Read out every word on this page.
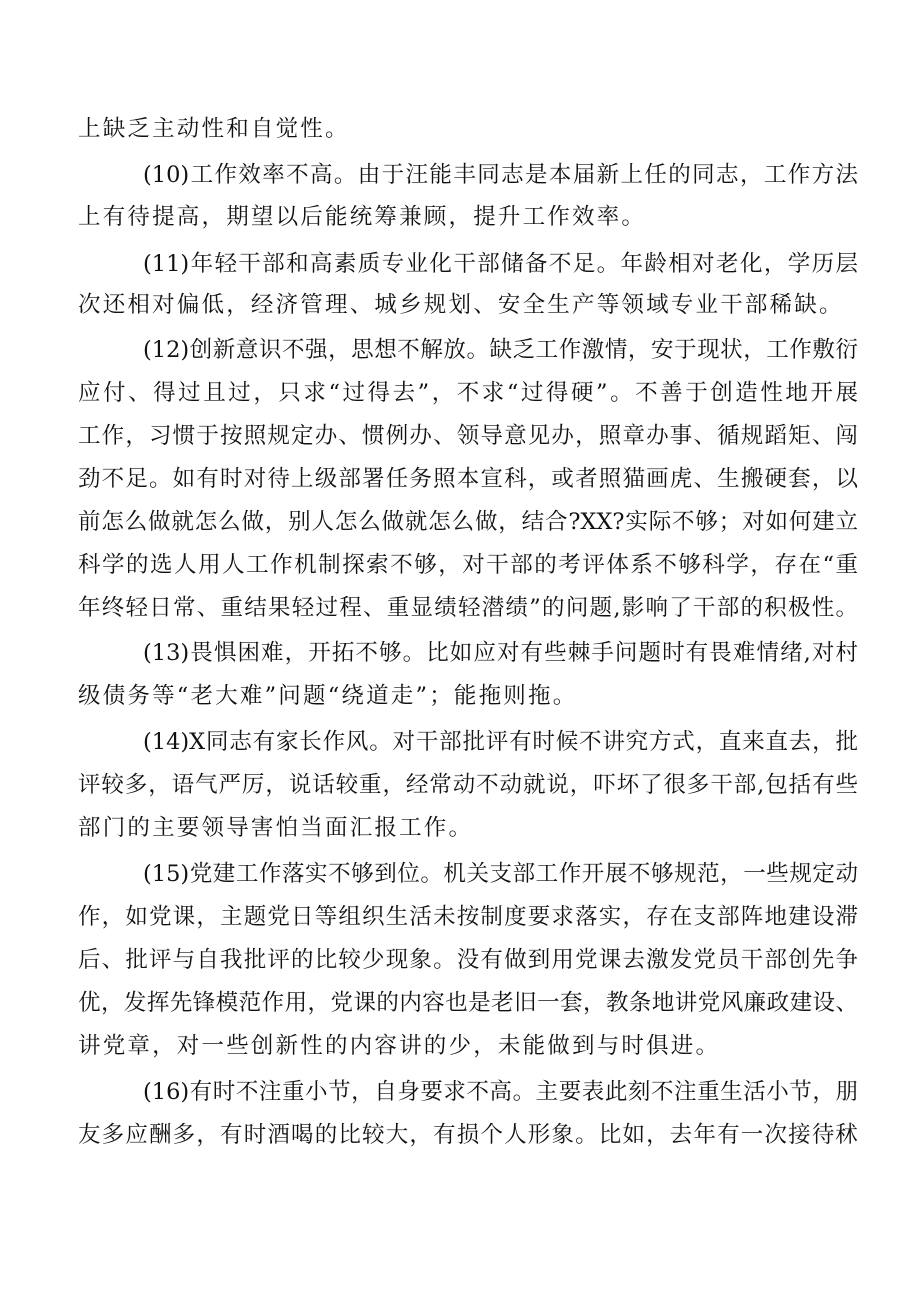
上缺乏主动性和自觉性。
(10)工作效率不高。由于汪能丰同志是本届新上任的同志，工作方法
上有待提高，期望以后能统筹兼顾，提升工作效率。
(11)年轻干部和高素质专业化干部储备不足。年龄相对老化，学历层
次还相对偏低，经济管理、城乡规划、安全生产等领域专业干部稀缺。
(12)创新意识不强，思想不解放。缺乏工作激情，安于现状，工作敷衍
应付、得过且过，只求“过得去”，不求“过得硬”。不善于创造性地开展
工作，习惯于按照规定办、惯例办、领导意见办，照章办事、循规蹈矩、闯
劲不足。如有时对待上级部署任务照本宣科，或者照猫画虎、生搬硬套，以
前怎么做就怎么做，别人怎么做就怎么做，结合?XX?实际不够；对如何建立
科学的选人用人工作机制探索不够，对干部的考评体系不够科学，存在“重
年终轻日常、重结果轻过程、重显绩轻潜绩”的问题,影响了干部的积极性。
(13)畏惧困难，开拓不够。比如应对有些棘手问题时有畏难情绪,对村
级债务等“老大难”问题“绕道走”；能拖则拖。
(14)X同志有家长作风。对干部批评有时候不讲究方式，直来直去，批
评较多，语气严厉，说话较重，经常动不动就说，吓坏了很多干部,包括有些
部门的主要领导害怕当面汇报工作。
(15)党建工作落实不够到位。机关支部工作开展不够规范，一些规定动
作，如党课，主题党日等组织生活未按制度要求落实，存在支部阵地建设滞
后、批评与自我批评的比较少现象。没有做到用党课去激发党员干部创先争
优，发挥先锋模范作用，党课的内容也是老旧一套，教条地讲党风廉政建设、
讲党章，对一些创新性的内容讲的少，未能做到与时俱进。
(16)有时不注重小节，自身要求不高。主要表此刻不注重生活小节，朋
友多应酬多，有时酒喝的比较大，有损个人形象。比如，去年有一次接待秫
